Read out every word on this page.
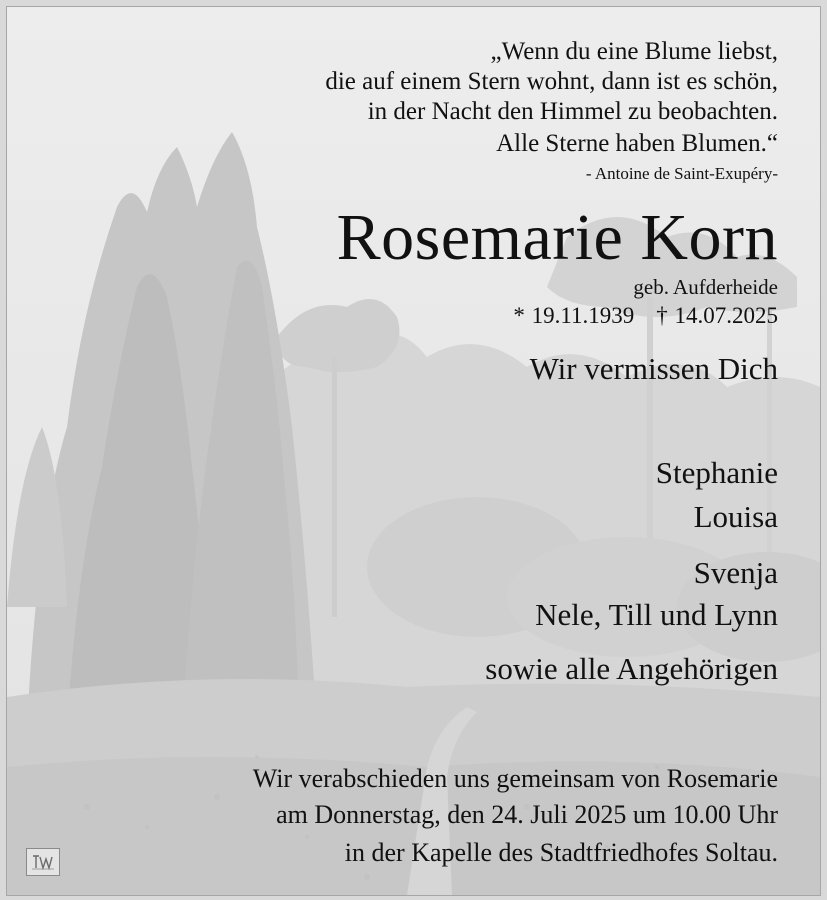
„Wenn du eine Blume liebst,
die auf einem Stern wohnt, dann ist es schön,
in der Nacht den Himmel zu beobachten.
Alle Sterne haben Blumen.“
- Antoine de Saint-Exupéry-
Rosemarie Korn
geb. Aufderheide
* 19.11.1939 † 14.07.2025
Wir vermissen Dich
Stephanie
Louisa
Svenja
Nele, Till und Lynn
sowie alle Angehörigen
Wir verabschieden uns gemeinsam von Rosemarie
am Donnerstag, den 24. Juli 2025 um 10.00 Uhr
in der Kapelle des Stadtfriedhofes Soltau.
